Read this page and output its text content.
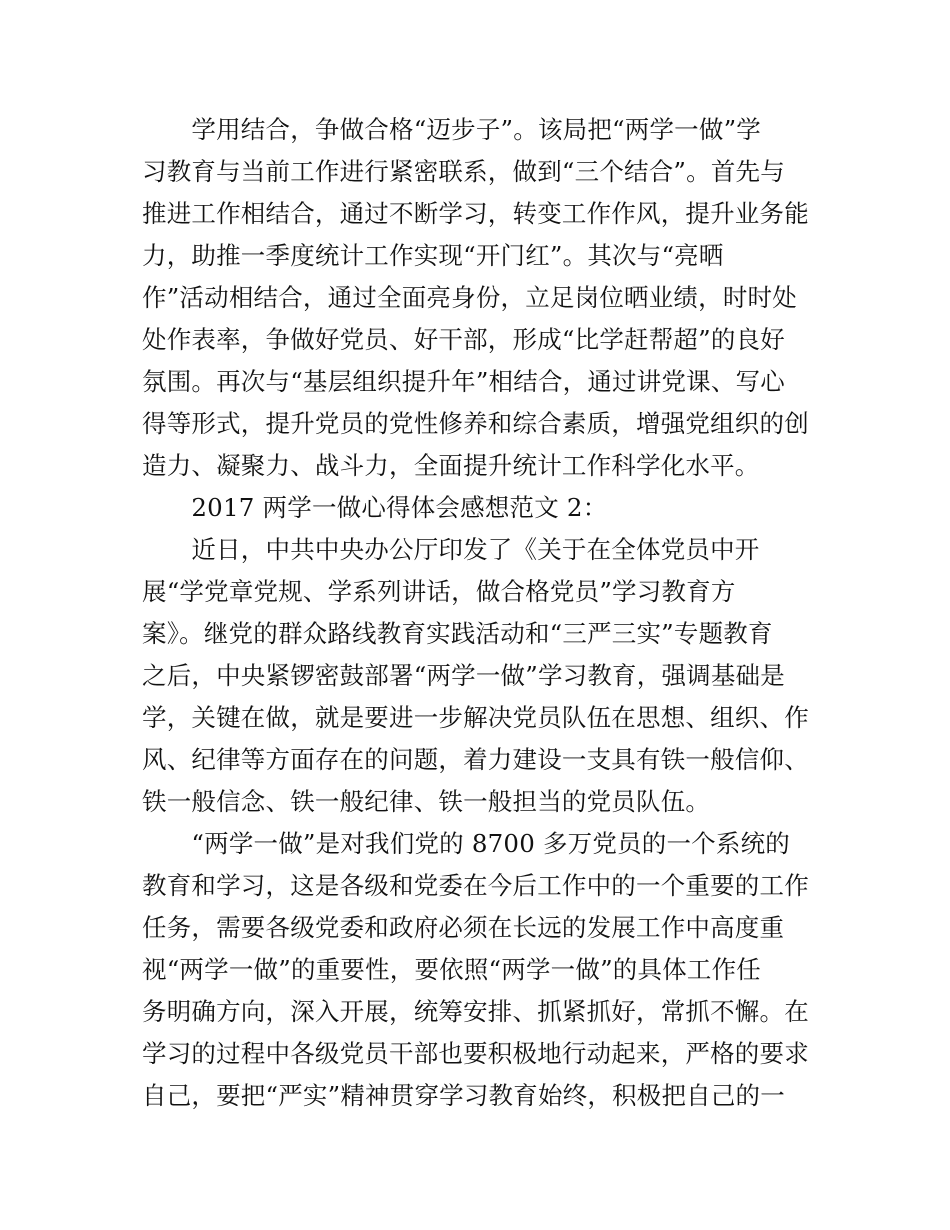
　　学用结合，争做合格“迈步子”。该局把“两学一做”学
习教育与当前工作进行紧密联系，做到“三个结合”。首先与
推进工作相结合，通过不断学习，转变工作作风，提升业务能
力，助推一季度统计工作实现“开门红”。其次与“亮晒
作”活动相结合，通过全面亮身份，立足岗位晒业绩，时时处
处作表率，争做好党员、好干部，形成“比学赶帮超”的良好
氛围。再次与“基层组织提升年”相结合，通过讲党课、写心
得等形式，提升党员的党性修养和综合素质，增强党组织的创
造力、凝聚力、战斗力，全面提升统计工作科学化水平。
　　2017 两学一做心得体会感想范文 2：
　　近日，中共中央办公厅印发了《关于在全体党员中开
展“学党章党规、学系列讲话，做合格党员”学习教育方
案》。继党的群众路线教育实践活动和“三严三实”专题教育
之后，中央紧锣密鼓部署“两学一做”学习教育，强调基础是
学，关键在做，就是要进一步解决党员队伍在思想、组织、作
风、纪律等方面存在的问题，着力建设一支具有铁一般信仰、
铁一般信念、铁一般纪律、铁一般担当的党员队伍。
　　“两学一做”是对我们党的 8700 多万党员的一个系统的
教育和学习，这是各级和党委在今后工作中的一个重要的工作
任务，需要各级党委和政府必须在长远的发展工作中高度重
视“两学一做”的重要性，要依照“两学一做”的具体工作任
务明确方向，深入开展，统筹安排、抓紧抓好，常抓不懈。在
学习的过程中各级党员干部也要积极地行动起来，严格的要求
自己，要把“严实”精神贯穿学习教育始终，积极把自己的一
